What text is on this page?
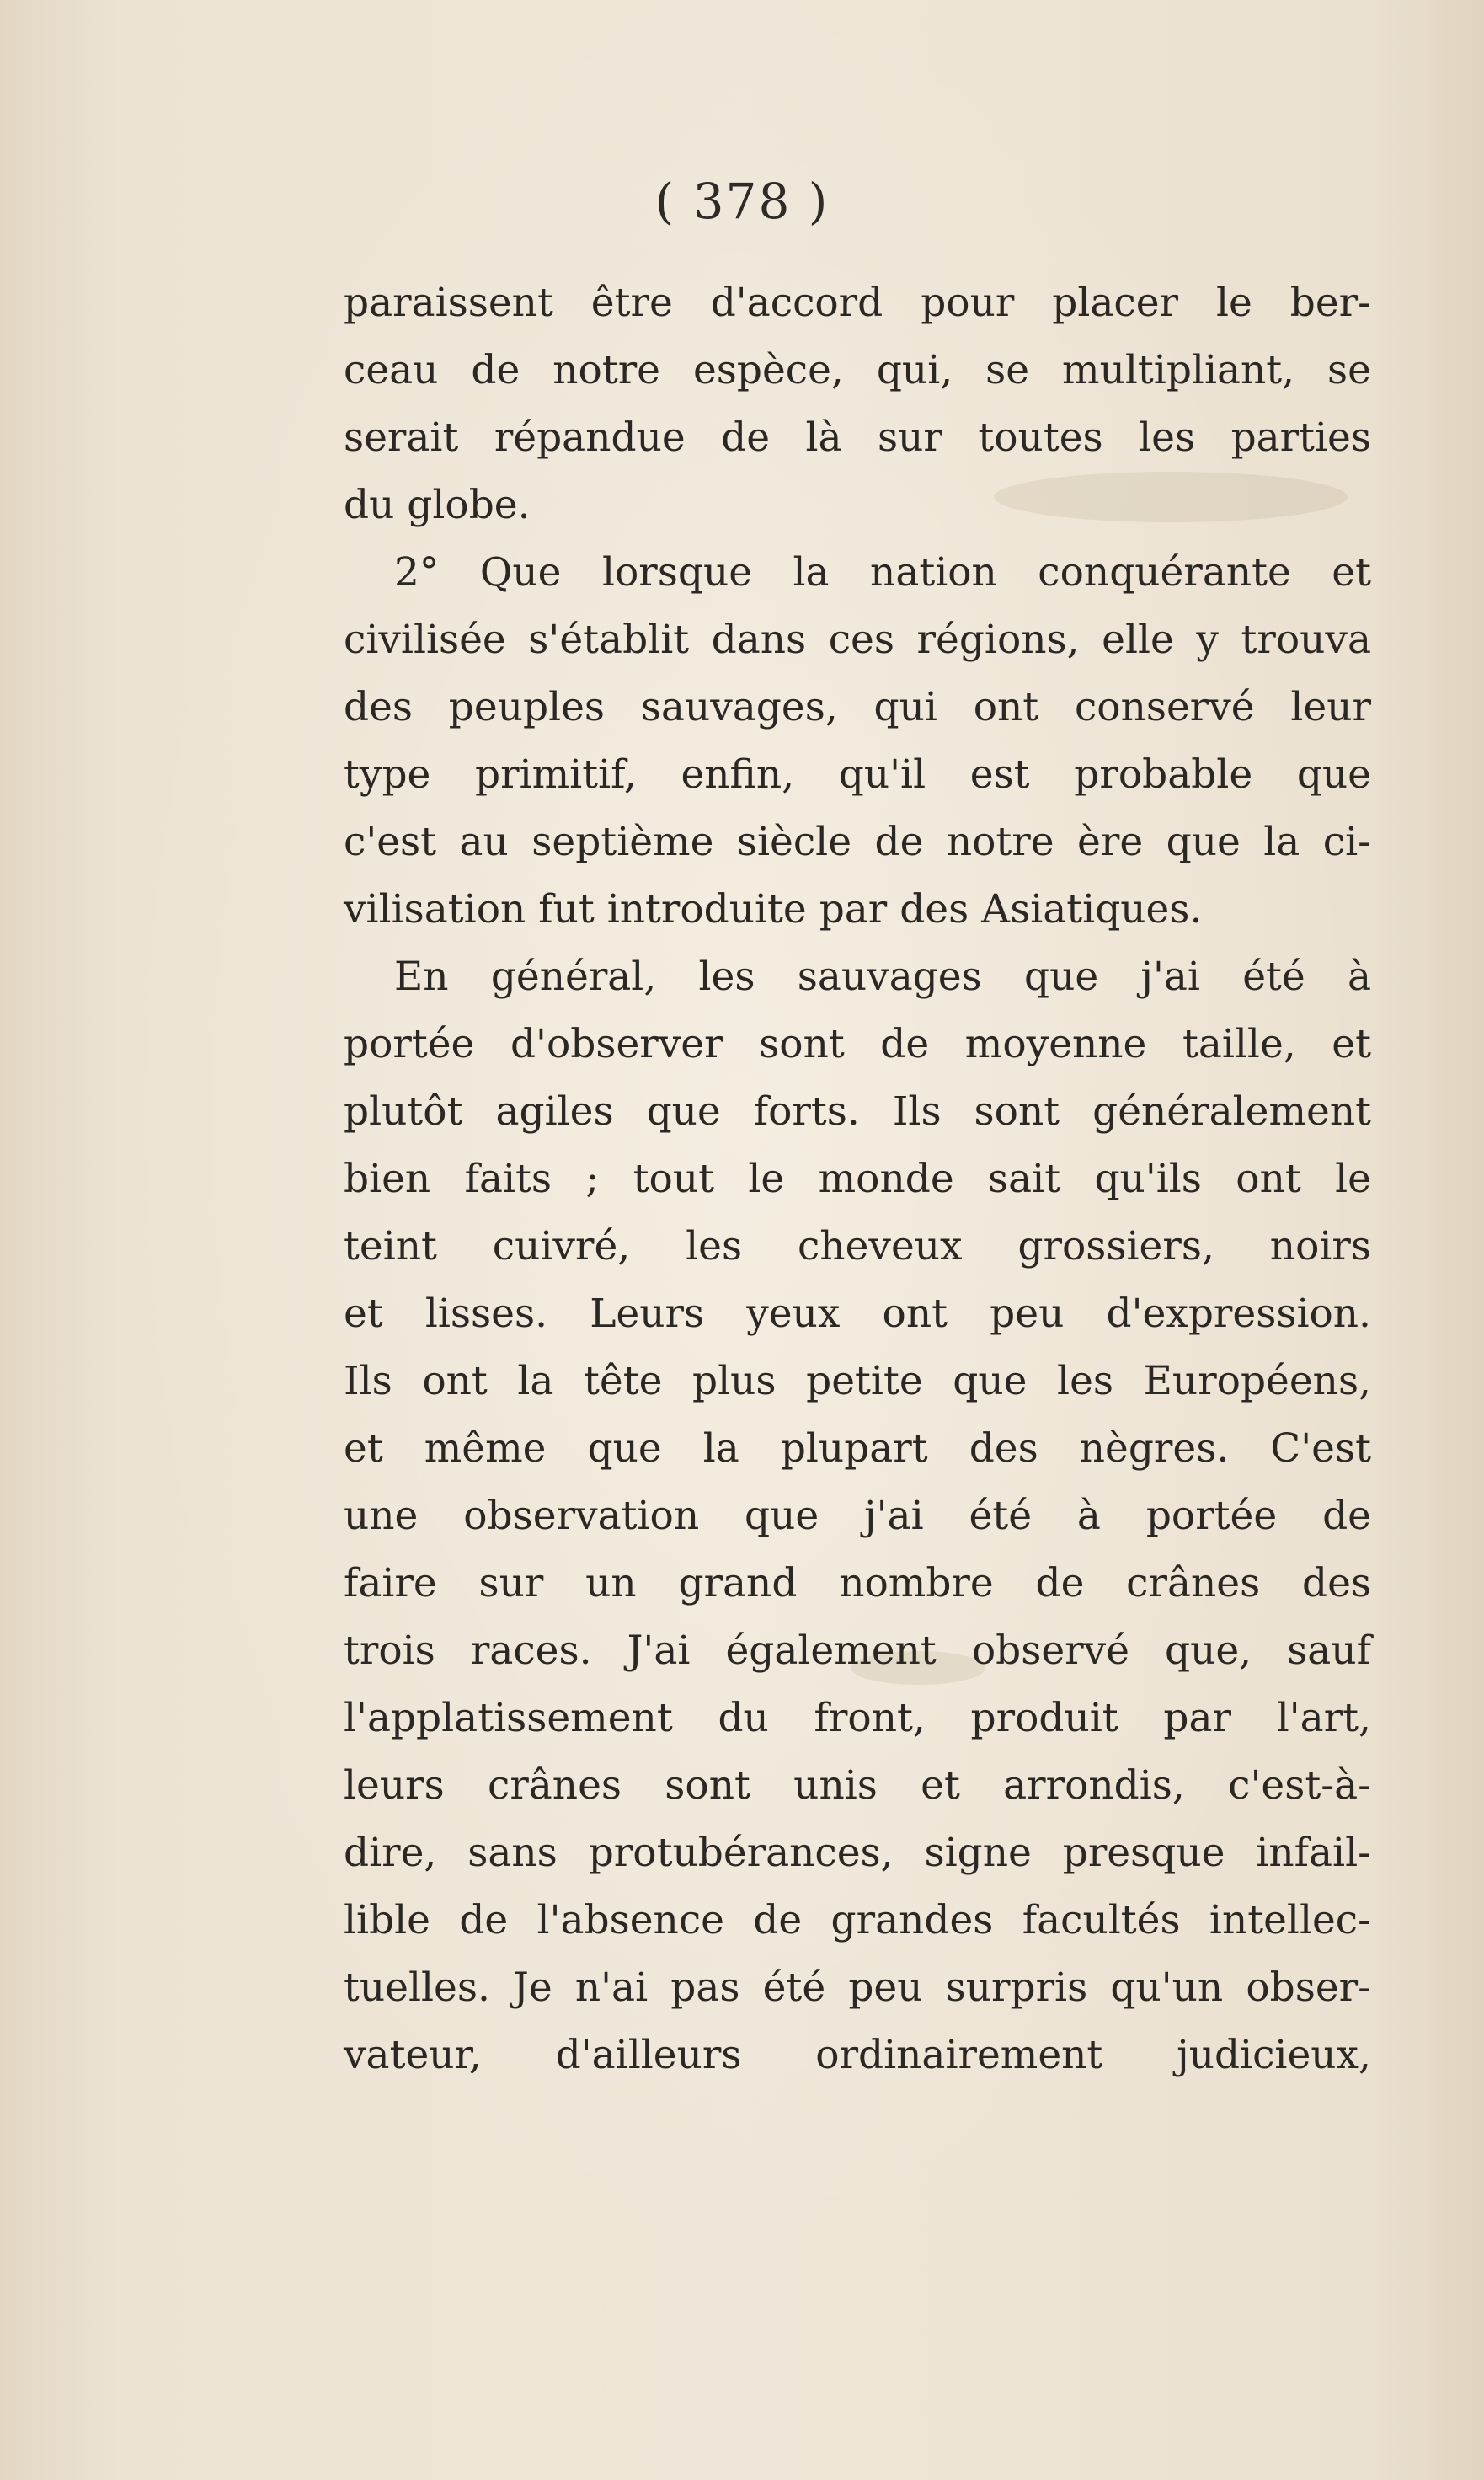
( 378 )
paraissent être d'accord pour placer le ber-
ceau de notre espèce, qui, se multipliant, se
serait répandue de là sur toutes les parties
du globe.
2° Que lorsque la nation conquérante et
civilisée s'établit dans ces régions, elle y trouva
des peuples sauvages, qui ont conservé leur
type primitif, enfin, qu'il est probable que
c'est au septième siècle de notre ère que la ci-
vilisation fut introduite par des Asiatiques.
En général, les sauvages que j'ai été à
portée d'observer sont de moyenne taille, et
plutôt agiles que forts. Ils sont généralement
bien faits ; tout le monde sait qu'ils ont le
teint cuivré, les cheveux grossiers, noirs
et lisses. Leurs yeux ont peu d'expression.
Ils ont la tête plus petite que les Européens,
et même que la plupart des nègres. C'est
une observation que j'ai été à portée de
faire sur un grand nombre de crânes des
trois races. J'ai également observé que, sauf
l'applatissement du front, produit par l'art,
leurs crânes sont unis et arrondis, c'est-à-
dire, sans protubérances, signe presque infail-
lible de l'absence de grandes facultés intellec-
tuelles. Je n'ai pas été peu surpris qu'un obser-
vateur, d'ailleurs ordinairement judicieux,
